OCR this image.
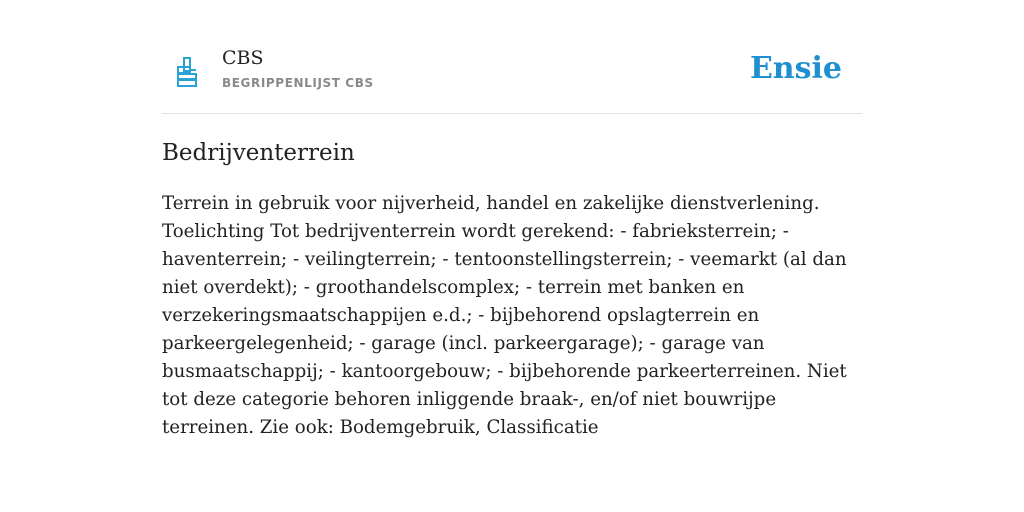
CBS
BEGRIPPENLIJST CBS	Ensie
Bedrijventerrein

Terrein in gebruik voor nijverheid, handel en zakelijke dienstverlening. Toelichting Tot bedrijventerrein wordt gerekend: - fabrieksterrein; - haventerrein; - veilingterrein; - tentoonstellingsterrein; - veemarkt (al dan niet overdekt); - groothandelscomplex; - terrein met banken en verzekeringsmaatschappijen e.d.; - bijbehorend opslagterrein en parkeergelegenheid; - garage (incl. parkeergarage); - garage van busmaatschappij; - kantoorgebouw; - bijbehorende parkeerterreinen. Niet tot deze categorie behoren inliggende braak-, en/of niet bouwrijpe terreinen. Zie ook: Bodemgebruik, Classificatie
